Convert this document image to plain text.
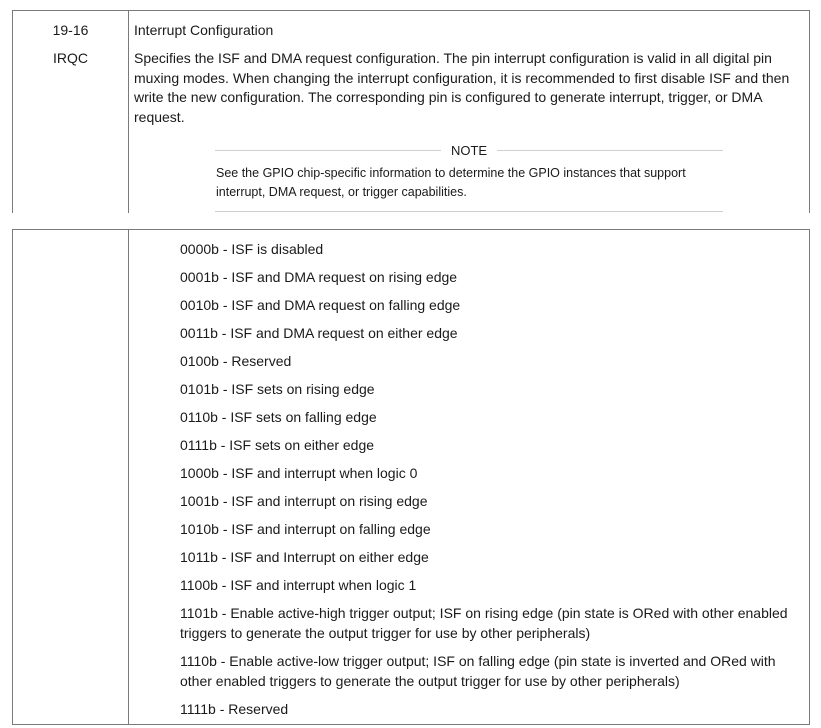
19-16
IRQC
Interrupt Configuration
Specifies the ISF and DMA request configuration. The pin interrupt configuration is valid in all digital pin muxing modes. When changing the interrupt configuration, it is recommended to first disable ISF and then write the new configuration. The corresponding pin is configured to generate interrupt, trigger, or DMA request.
NOTE
See the GPIO chip-specific information to determine the GPIO instances that support interrupt, DMA request, or trigger capabilities.
0000b - ISF is disabled
0001b - ISF and DMA request on rising edge
0010b - ISF and DMA request on falling edge
0011b - ISF and DMA request on either edge
0100b - Reserved
0101b - ISF sets on rising edge
0110b - ISF sets on falling edge
0111b - ISF sets on either edge
1000b - ISF and interrupt when logic 0
1001b - ISF and interrupt on rising edge
1010b - ISF and interrupt on falling edge
1011b - ISF and Interrupt on either edge
1100b - ISF and interrupt when logic 1
1101b - Enable active-high trigger output; ISF on rising edge (pin state is ORed with other enabled triggers to generate the output trigger for use by other peripherals)
1110b - Enable active-low trigger output; ISF on falling edge (pin state is inverted and ORed with other enabled triggers to generate the output trigger for use by other peripherals)
1111b - Reserved
